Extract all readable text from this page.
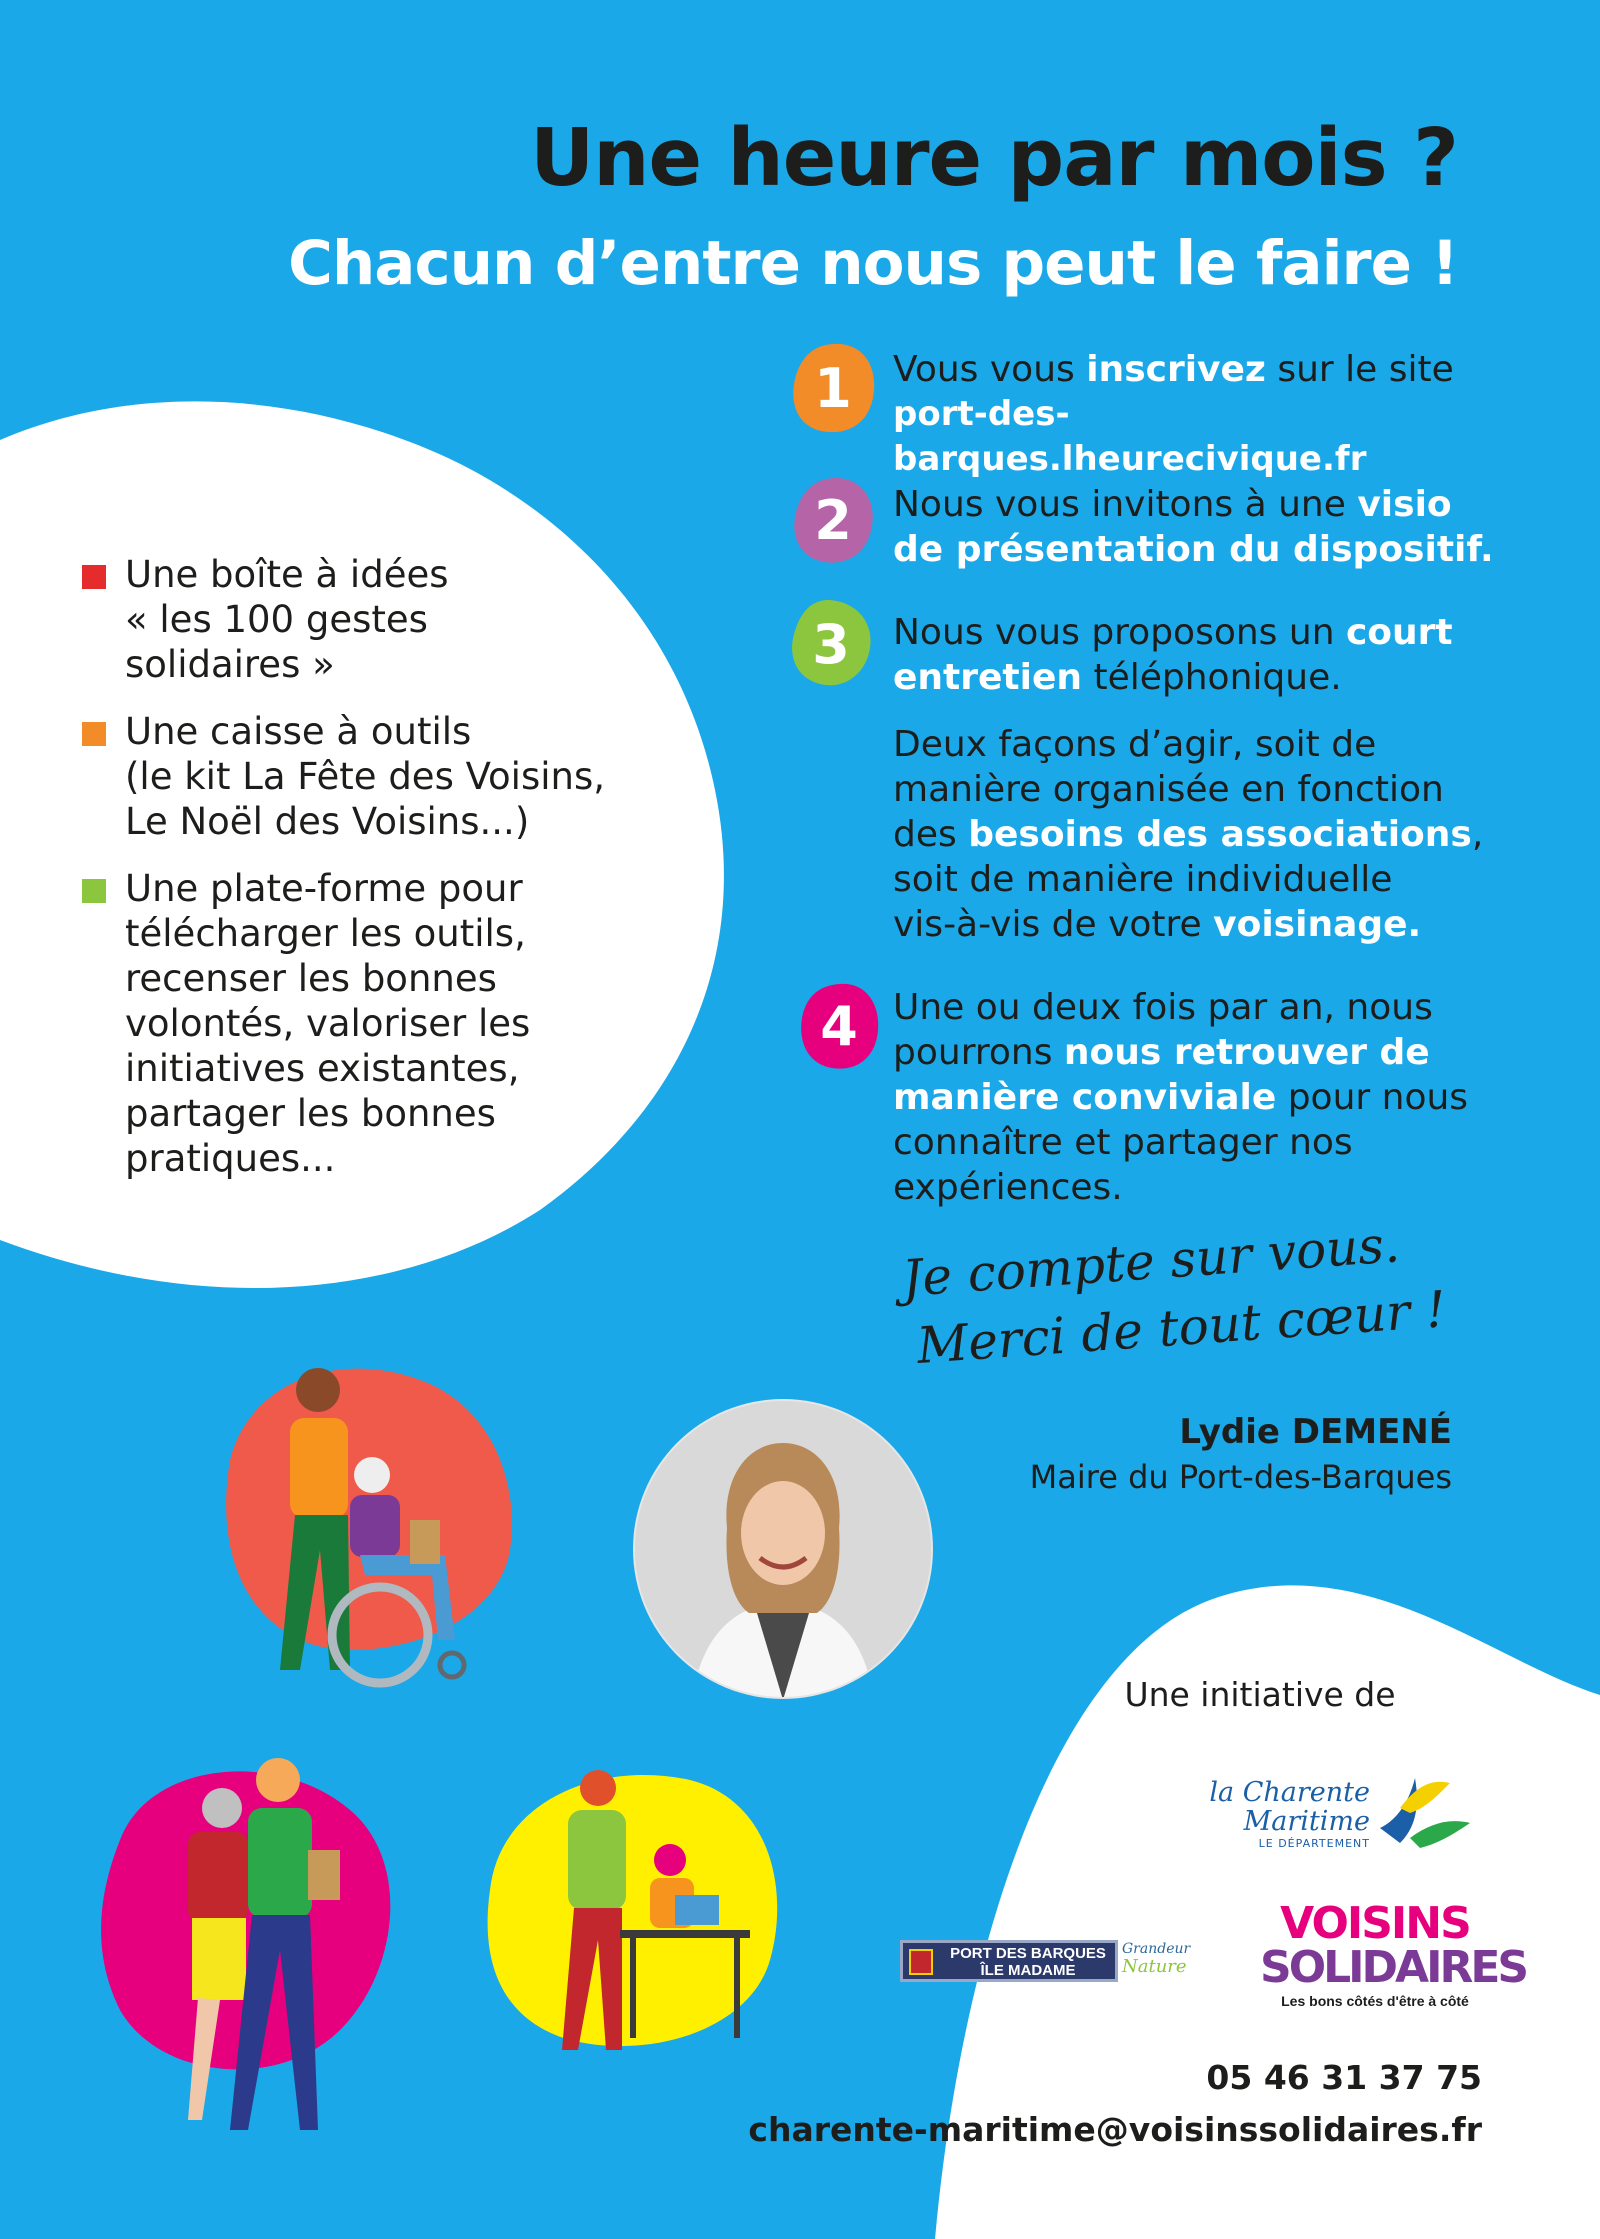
Une heure par mois ?
Chacun d’entre nous peut le faire !
Une boîte à idées
« les 100 gestes
solidaires »
Une caisse à outils
(le kit La Fête des Voisins,
Le Noël des Voisins...)
Une plate-forme pour
télécharger les outils,
recenser les bonnes
volontés, valoriser les
initiatives existantes,
partager les bonnes
pratiques...
1
2
3
4
Vous vous inscrivez sur le site
port-des-barques.lheurecivique.fr
Nous vous invitons à une visio
de présentation du dispositif.
Nous vous proposons un court
entretien téléphonique.
Deux façons d’agir, soit de
manière organisée en fonction
des besoins des associations,
soit de manière individuelle
vis-à-vis de votre voisinage.
Une ou deux fois par an, nous
pourrons nous retrouver de
manière conviviale pour nous
connaître et partager nos
expériences.
Je compte sur vous.
Merci de tout cœur !
Lydie DEMENÉ
Maire du Port-des-Barques
Une initiative de
la Charente
Maritime
LE DÉPARTEMENT
PORT DES BARQUES
ÎLE MADAME
Grandeur
Nature
VOISINS
SOLIDAIRES
Les bons côtés d'être à côté
05 46 31 37 75
charente-maritime@voisinssolidaires.fr
